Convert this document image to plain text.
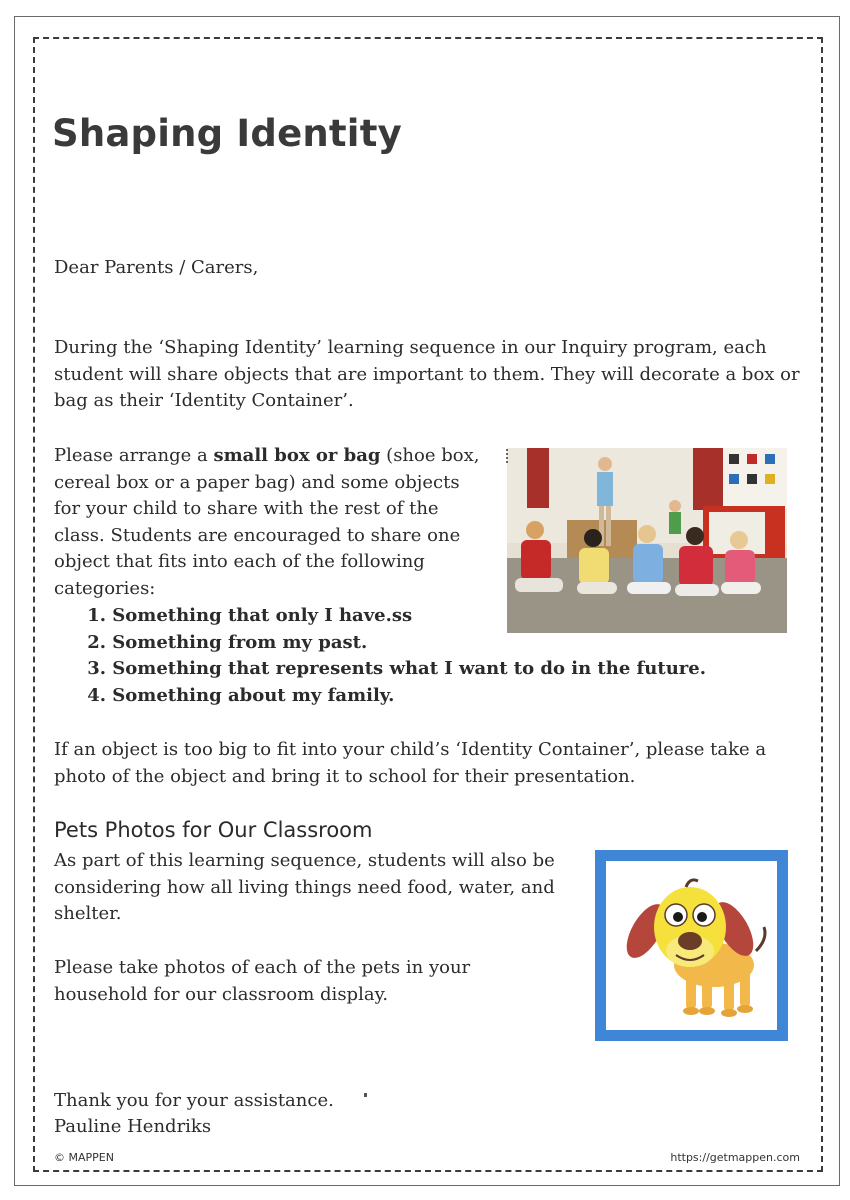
Shaping Identity

Dear Parents / Carers,

During the ‘Shaping Identity’ learning sequence in our Inquiry program, each student will share objects that are important to them. They will decorate a box or bag as their ‘Identity Container’.

Please arrange a small box or bag (shoe box, cereal box or a paper bag) and some objects for your child to share with the rest of the class. Students are encouraged to share one object that fits into each of the following categories:

1.
Something that only I have.ss
2.
Something from my past.
3.
Something that represents what I want to do in the future.
4.
Something about my family.

If an object is too big to fit into your child’s ‘Identity Container’, please take a photo of the object and bring it to school for their presentation.

Pets Photos for Our Classroom

As part of this learning sequence, students will also be considering how all living things need food, water, and shelter.

Please take photos of each of the pets in your household for our classroom display.

Thank you for your assistance.

Pauline Hendriks

© MAPPEN	https://getmappen.com
